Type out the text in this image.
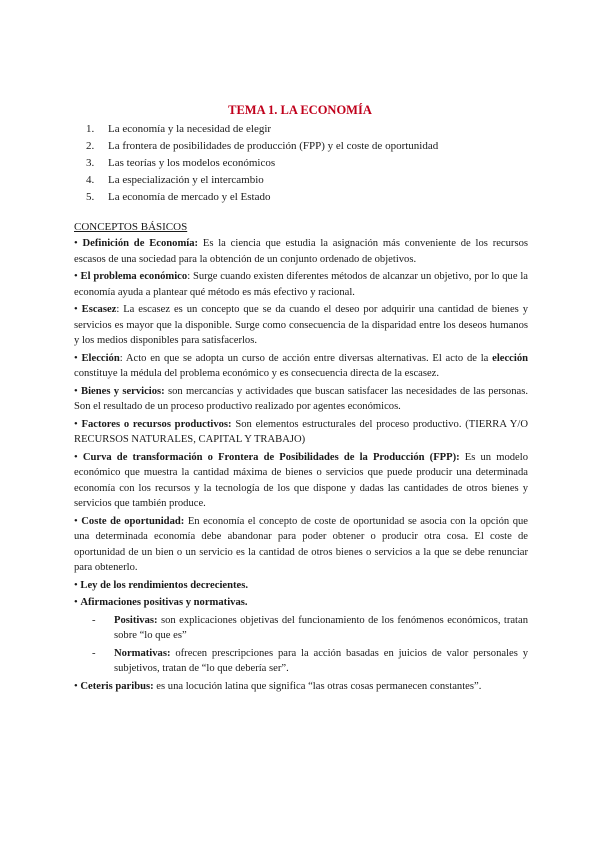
TEMA 1. LA ECONOMÍA
1.	La economía y la necesidad de elegir
2.	La frontera de posibilidades de producción (FPP) y el coste de oportunidad
3.	Las teorías y los modelos económicos
4.	La especialización y el intercambio
5.	La economía de mercado y el Estado
CONCEPTOS BÁSICOS

• Definición de Economía: Es la ciencia que estudia la asignación más conveniente de los recursos escasos de una sociedad para la obtención de un conjunto ordenado de objetivos.

• El problema económico: Surge cuando existen diferentes métodos de alcanzar un objetivo, por lo que la economía ayuda a plantear qué método es más efectivo y racional.

• Escasez: La escasez es un concepto que se da cuando el deseo por adquirir una cantidad de bienes y servicios es mayor que la disponible. Surge como consecuencia de la disparidad entre los deseos humanos y los medios disponibles para satisfacerlos.

• Elección: Acto en que se adopta un curso de acción entre diversas alternativas. El acto de la elección constituye la médula del problema económico y es consecuencia directa de la escasez.

• Bienes y servicios: son mercancías y actividades que buscan satisfacer las necesidades de las personas. Son el resultado de un proceso productivo realizado por agentes económicos.

• Factores o recursos productivos: Son elementos estructurales del proceso productivo. (TIERRA Y/O RECURSOS NATURALES, CAPITAL Y TRABAJO)

• Curva de transformación o Frontera de Posibilidades de la Producción (FPP): Es un modelo económico que muestra la cantidad máxima de bienes o servicios que puede producir una determinada economía con los recursos y la tecnología de los que dispone y dadas las cantidades de otros bienes y servicios que también produce.

• Coste de oportunidad: En economía el concepto de coste de oportunidad se asocia con la opción que una determinada economía debe abandonar para poder obtener o producir otra cosa. El coste de oportunidad de un bien o un servicio es la cantidad de otros bienes o servicios a la que se debe renunciar para obtenerlo.

• Ley de los rendimientos decrecientes.

• Afirmaciones positivas y normativas.

-	Positivas: son explicaciones objetivas del funcionamiento de los fenómenos económicos, tratan sobre “lo que es”
-	Normativas: ofrecen prescripciones para la acción basadas en juicios de valor personales y subjetivos, tratan de “lo que debería ser”.

• Ceteris paribus: es una locución latina que significa “las otras cosas permanecen constantes”.
